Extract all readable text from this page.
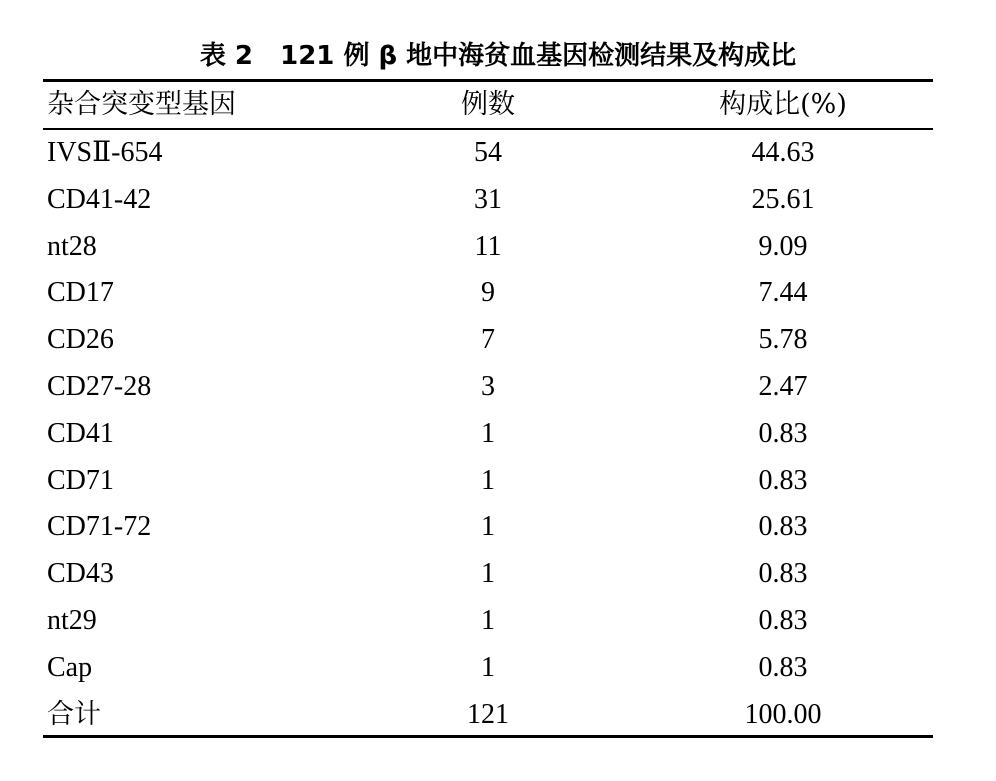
表 2   121 例 β 地中海贫血基因检测结果及构成比
杂合突变型基因	例数	构成比(%)
IVSⅡ-654	54	44.63
CD41-42	31	25.61
nt28	11	9.09
CD17	9	7.44
CD26	7	5.78
CD27-28	3	2.47
CD41	1	0.83
CD71	1	0.83
CD71-72	1	0.83
CD43	1	0.83
nt29	1	0.83
Cap	1	0.83
合计	121	100.00
